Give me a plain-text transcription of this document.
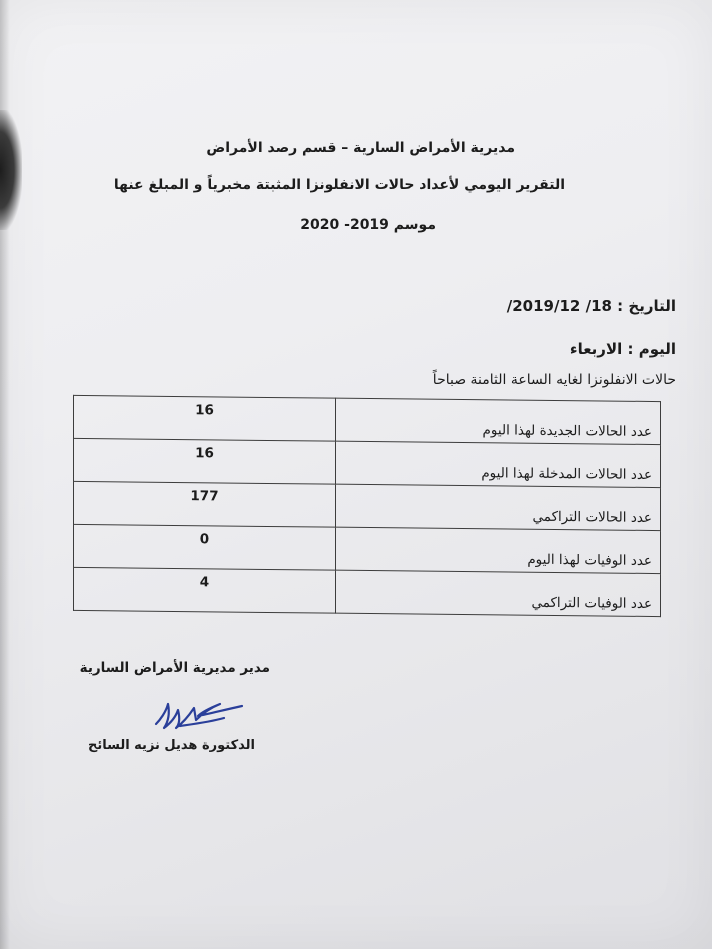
مديرية الأمراض السارية – قسم رصد الأمراض
التقرير اليومي لأعداد حالات الانفلونزا المثبتة مخبرياً و المبلغ عنها
موسم 2019- 2020
التاريخ : 18/ 2019/12/
اليوم : الاربعاء
حالات الانفلونزا لغايه الساعة الثامنة صباحاً
عدد الحالات الجديدة لهذا اليوم	16
عدد الحالات المدخلة لهذا اليوم	16
عدد الحالات التراكمي	177
عدد الوفيات لهذا اليوم	0
عدد الوفيات التراكمي	4
مدير مديرية الأمراض السارية
الدكتورة هديل نزيه السائح
